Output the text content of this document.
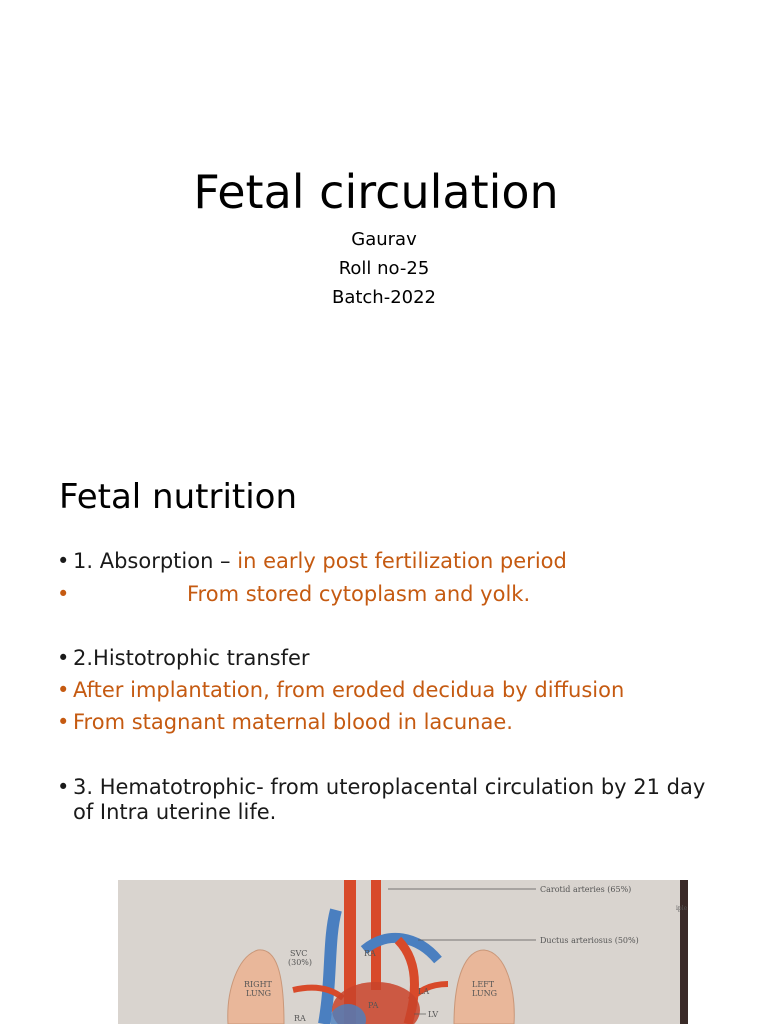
Fetal circulation
Gaurav
Roll no-25
Batch-2022
Fetal nutrition
• 1. Absorption – in early post fertilization period
•	From stored cytoplasm and yolk.
• 2.Histotrophic transfer
• After implantation, from eroded decidua by diffusion
• From stagnant maternal blood in lacunae.
• 3. Hematotrophic- from uteroplacental circulation by 21 day of Intra uterine life.
Carotid arteries (65%)
Ductus arteriosus (50%)
SVC
(30%)
RIGHT
LUNG
LEFT
LUNG
RA
LA
LV
RA
PA
iple
